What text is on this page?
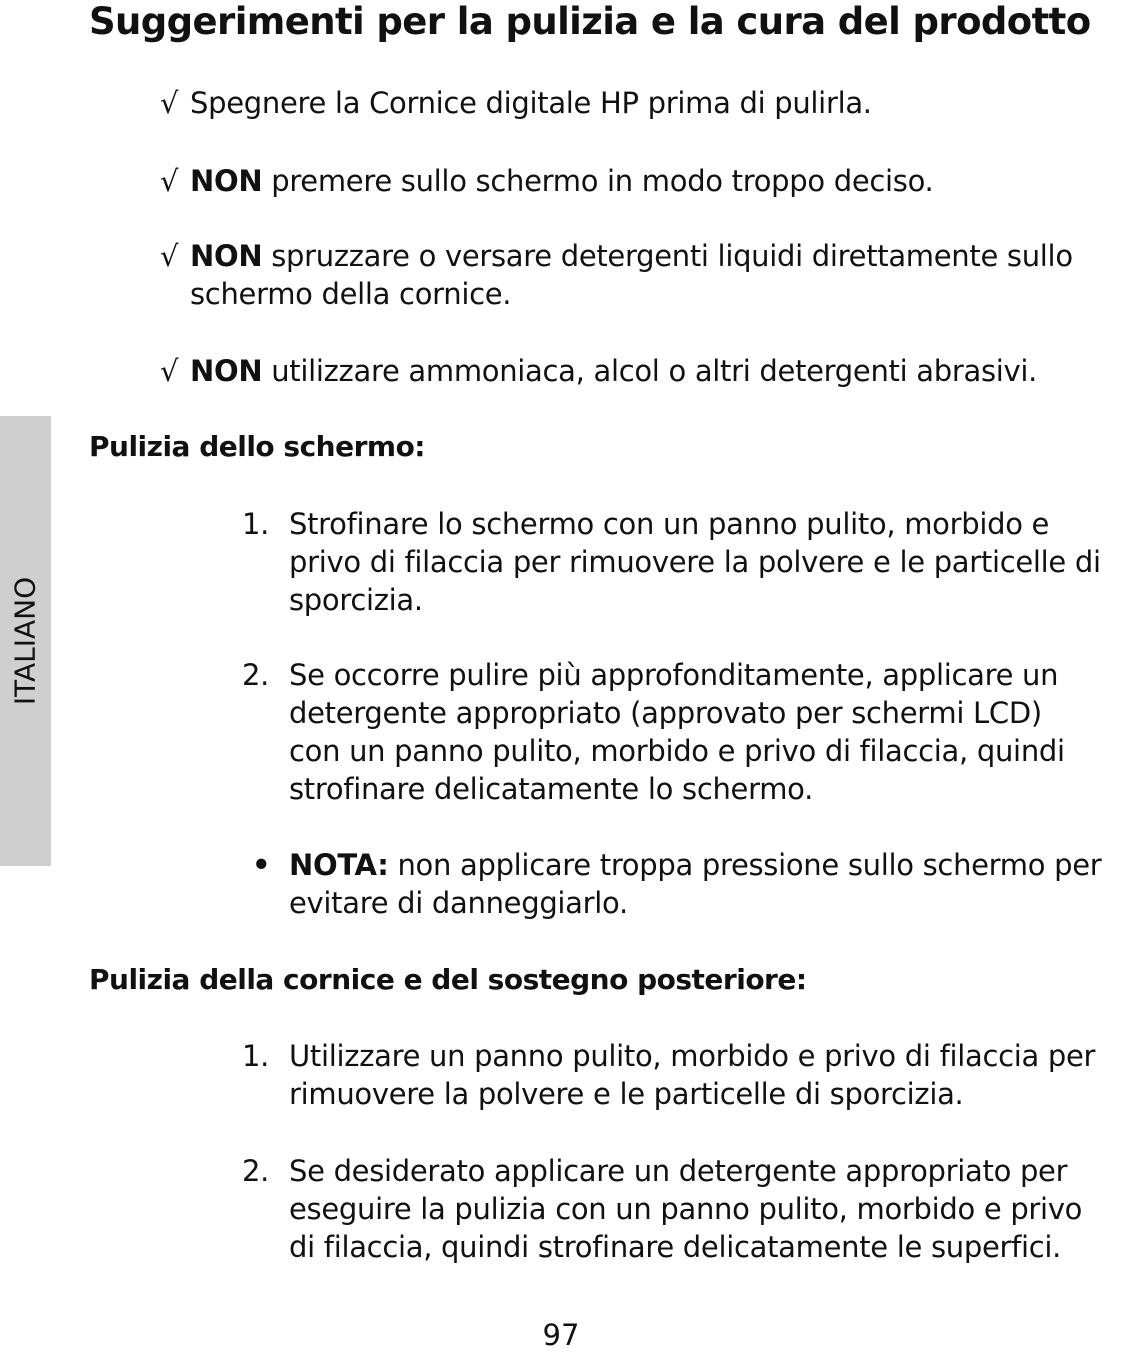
ITALIANO
Suggerimenti per la pulizia e la cura del prodotto
√ Spegnere la Cornice digitale HP prima di pulirla.
√ NON premere sullo schermo in modo troppo deciso.
√ NON spruzzare o versare detergenti liquidi direttamente sullo
schermo della cornice.
√ NON utilizzare ammoniaca, alcol o altri detergenti abrasivi.
Pulizia dello schermo:
1. Strofinare lo schermo con un panno pulito, morbido e
privo di filaccia per rimuovere la polvere e le particelle di
sporcizia.
2. Se occorre pulire più approfonditamente, applicare un
detergente appropriato (approvato per schermi LCD)
con un panno pulito, morbido e privo di filaccia, quindi
strofinare delicatamente lo schermo.
• NOTA: non applicare troppa pressione sullo schermo per
evitare di danneggiarlo.
Pulizia della cornice e del sostegno posteriore:
1. Utilizzare un panno pulito, morbido e privo di filaccia per
rimuovere la polvere e le particelle di sporcizia.
2. Se desiderato applicare un detergente appropriato per
eseguire la pulizia con un panno pulito, morbido e privo
di filaccia, quindi strofinare delicatamente le superfici.
97
